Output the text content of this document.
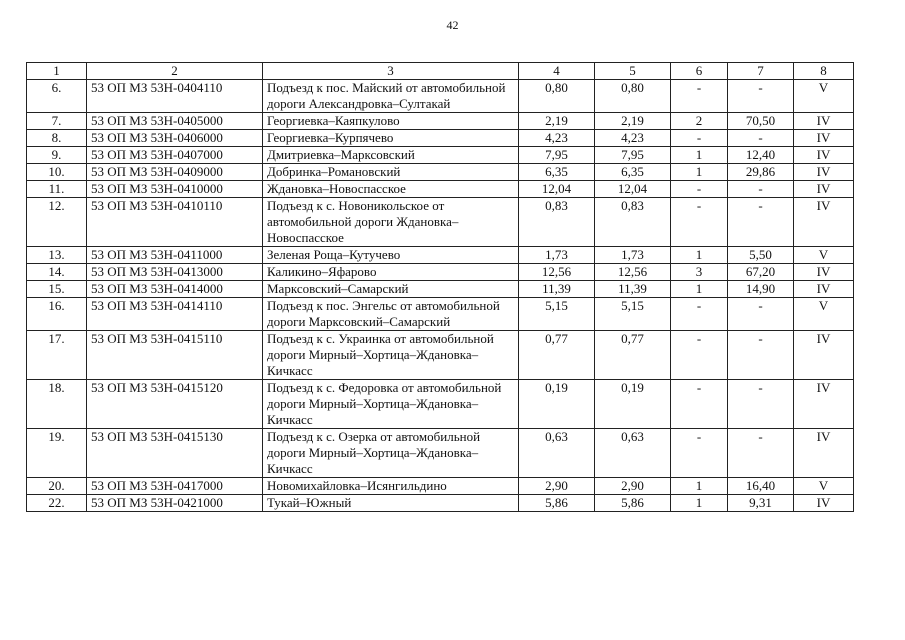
42
1	2	3	4	5	6	7	8
6.	53 ОП МЗ 53Н-0404110	Подъезд к пос. Майский от автомобильной дороги Александровка–Султакай	0,80	0,80	-	-	V
7.	53 ОП МЗ 53Н-0405000	Георгиевка–Каяпкулово	2,19	2,19	2	70,50	IV
8.	53 ОП МЗ 53Н-0406000	Георгиевка–Курпячево	4,23	4,23	-	-	IV
9.	53 ОП МЗ 53Н-0407000	Дмитриевка–Марксовский	7,95	7,95	1	12,40	IV
10.	53 ОП МЗ 53Н-0409000	Добринка–Романовский	6,35	6,35	1	29,86	IV
11.	53 ОП МЗ 53Н-0410000	Ждановка–Новоспасское	12,04	12,04	-	-	IV
12.	53 ОП МЗ 53Н-0410110	Подъезд к с. Новоникольское от автомобильной дороги Ждановка–Новоспасское	0,83	0,83	-	-	IV
13.	53 ОП МЗ 53Н-0411000	Зеленая Роща–Кутучево	1,73	1,73	1	5,50	V
14.	53 ОП МЗ 53Н-0413000	Каликино–Яфарово	12,56	12,56	3	67,20	IV
15.	53 ОП МЗ 53Н-0414000	Марксовский–Самарский	11,39	11,39	1	14,90	IV
16.	53 ОП МЗ 53Н-0414110	Подъезд к пос. Энгельс от автомобильной дороги Марксовский–Самарский	5,15	5,15	-	-	V
17.	53 ОП МЗ 53Н-0415110	Подъезд к с. Украинка от автомобильной дороги Мирный–Хортица–Ждановка–Кичкасс	0,77	0,77	-	-	IV
18.	53 ОП МЗ 53Н-0415120	Подъезд к с. Федоровка от автомобильной дороги Мирный–Хортица–Ждановка–Кичкасс	0,19	0,19	-	-	IV
19.	53 ОП МЗ 53Н-0415130	Подъезд к с. Озерка от автомобильной дороги Мирный–Хортица–Ждановка–Кичкасс	0,63	0,63	-	-	IV
20.	53 ОП МЗ 53Н-0417000	Новомихайловка–Исянгильдино	2,90	2,90	1	16,40	V
22.	53 ОП МЗ 53Н-0421000	Тукай–Южный	5,86	5,86	1	9,31	IV
